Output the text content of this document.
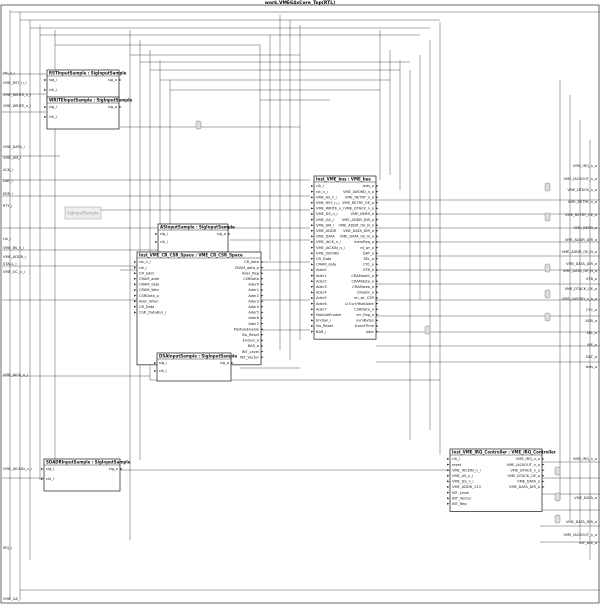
work.VME64xCore_Top(RTL)
SigInputSample
RSTInputSample : SigInputSample
sig_i
clk_i
sig_o
WRITEInputSample : SigInputSample
sig_i
clk_i
sig_o
ASInputSample : SigInputSample
sig_i
clk_i
sig_o
Inst_VME_CR_CSR_Space : VME_CR_CSR_Space
rst_n_i
clk_i
CR_addr
CRAM_addr
CRAM_data
CRAM_Wen
CSRData_o
Ader_Wren
CR_Data
CSR_DataBus_i
CR_data
CRAM_data_o
Ader_Reg
CSRData
Ader0
Ader1
Ader2
Ader3
Ader4
Ader5
Ader6
Ader7
ModuleEnable
Sw_Reset
Endian_o
BAR_o
INT_Level
INT_Vector
DSAInputSample : SigInputSample
sig_i
clk_i
sig_o
Inst_VME_bus : VME_bus
clk_i
rst_n_i
VME_AS_n_i
VME_RST_n_i
VME_WRITE_n_i
VME_DS_n_i
VME_GA_i
VME_AM_i
VME_ADDR
VME_DATA
VME_IACK_n_i
VME_IACKIN_n_i
VME_LWORD
CR_Data
CRAM_data
Ader0
Ader1
Ader2
Ader3
Ader4
Ader5
Ader6
Ader7
ModuleEnable
Endian_i
Sw_Reset
BAR_i
leds_o
VME_LWORD_n_o
VME_RETRY_n_o
VME_RETRY_OE_o
VME_DTACK_n_o
VME_BERR_o
VME_ADDR_DIR_o
VME_ADDR_OE_N_o
VME_DATA_DIR_o
VME_DATA_OE_N_o
memReq_o
rd_wr_o
DAT_o
SEL_o
CYC_o
STB_o
CRAMaddr_o
CRAMdata_o
CRAMwea_o
CRaddr_o
en_wr_CSR
CrCsrOffsetAddr
CSRData_o
err_flag_o
numBytes
transfTime
addr
SDADRInputSample : SigInputSample
sig_i
clk_i
sig_o
Inst_VME_IRQ_Controller : VME_IRQ_Controller
clk_i
reset
VME_IACKIN_n_i
VME_AS_n_i
VME_DS_n_i
VME_ADDR_123
INT_Level
INT_Vector
INT_Req
VME_IRQ_n_o
VME_IACKOUT_n_o
VME_DTACK_n_o
VME_DTACK_OE_o
VME_DATA_o
VME_DATA_DIR_o
rst_n_i
VME_RST_n_i
VME_WRITE_n_i
VME_WRITE_n_i
VME_DATA_i
VME_AM_i
ACK_i
DAT_i
ERR_i
RTY_i
clk_i
VME_BS_n_i
VME_ADDR_i
STALL_i
VME_GC_n_i
VME_IACK_n_i
VME_IACKIN_n_i
IRQ_i
VME_GA_i
VME_IRQ_n_o
VME_IACKOUT_n_o
VME_DTACK_n_o
VME_RETRY_n_o
VME_RETRY_OE_o
VME_BERR_o
VME_ADDR_DIR_o
VME_ADDR_OE_N_o
VME_DATA_DIR_o
VME_DATA_OE_N_o
STB_o
VME_DTACK_OE_o
VME_LWORD_n_b_o
CYC_o
ADR_o
SEL_o
WE_o
DAT_o
leds_o
VME_IRQ_n_o
VME_DATA_o
VME_DATA_DIR_o
VME_IACKOUT_n_o
INT_ack_o
